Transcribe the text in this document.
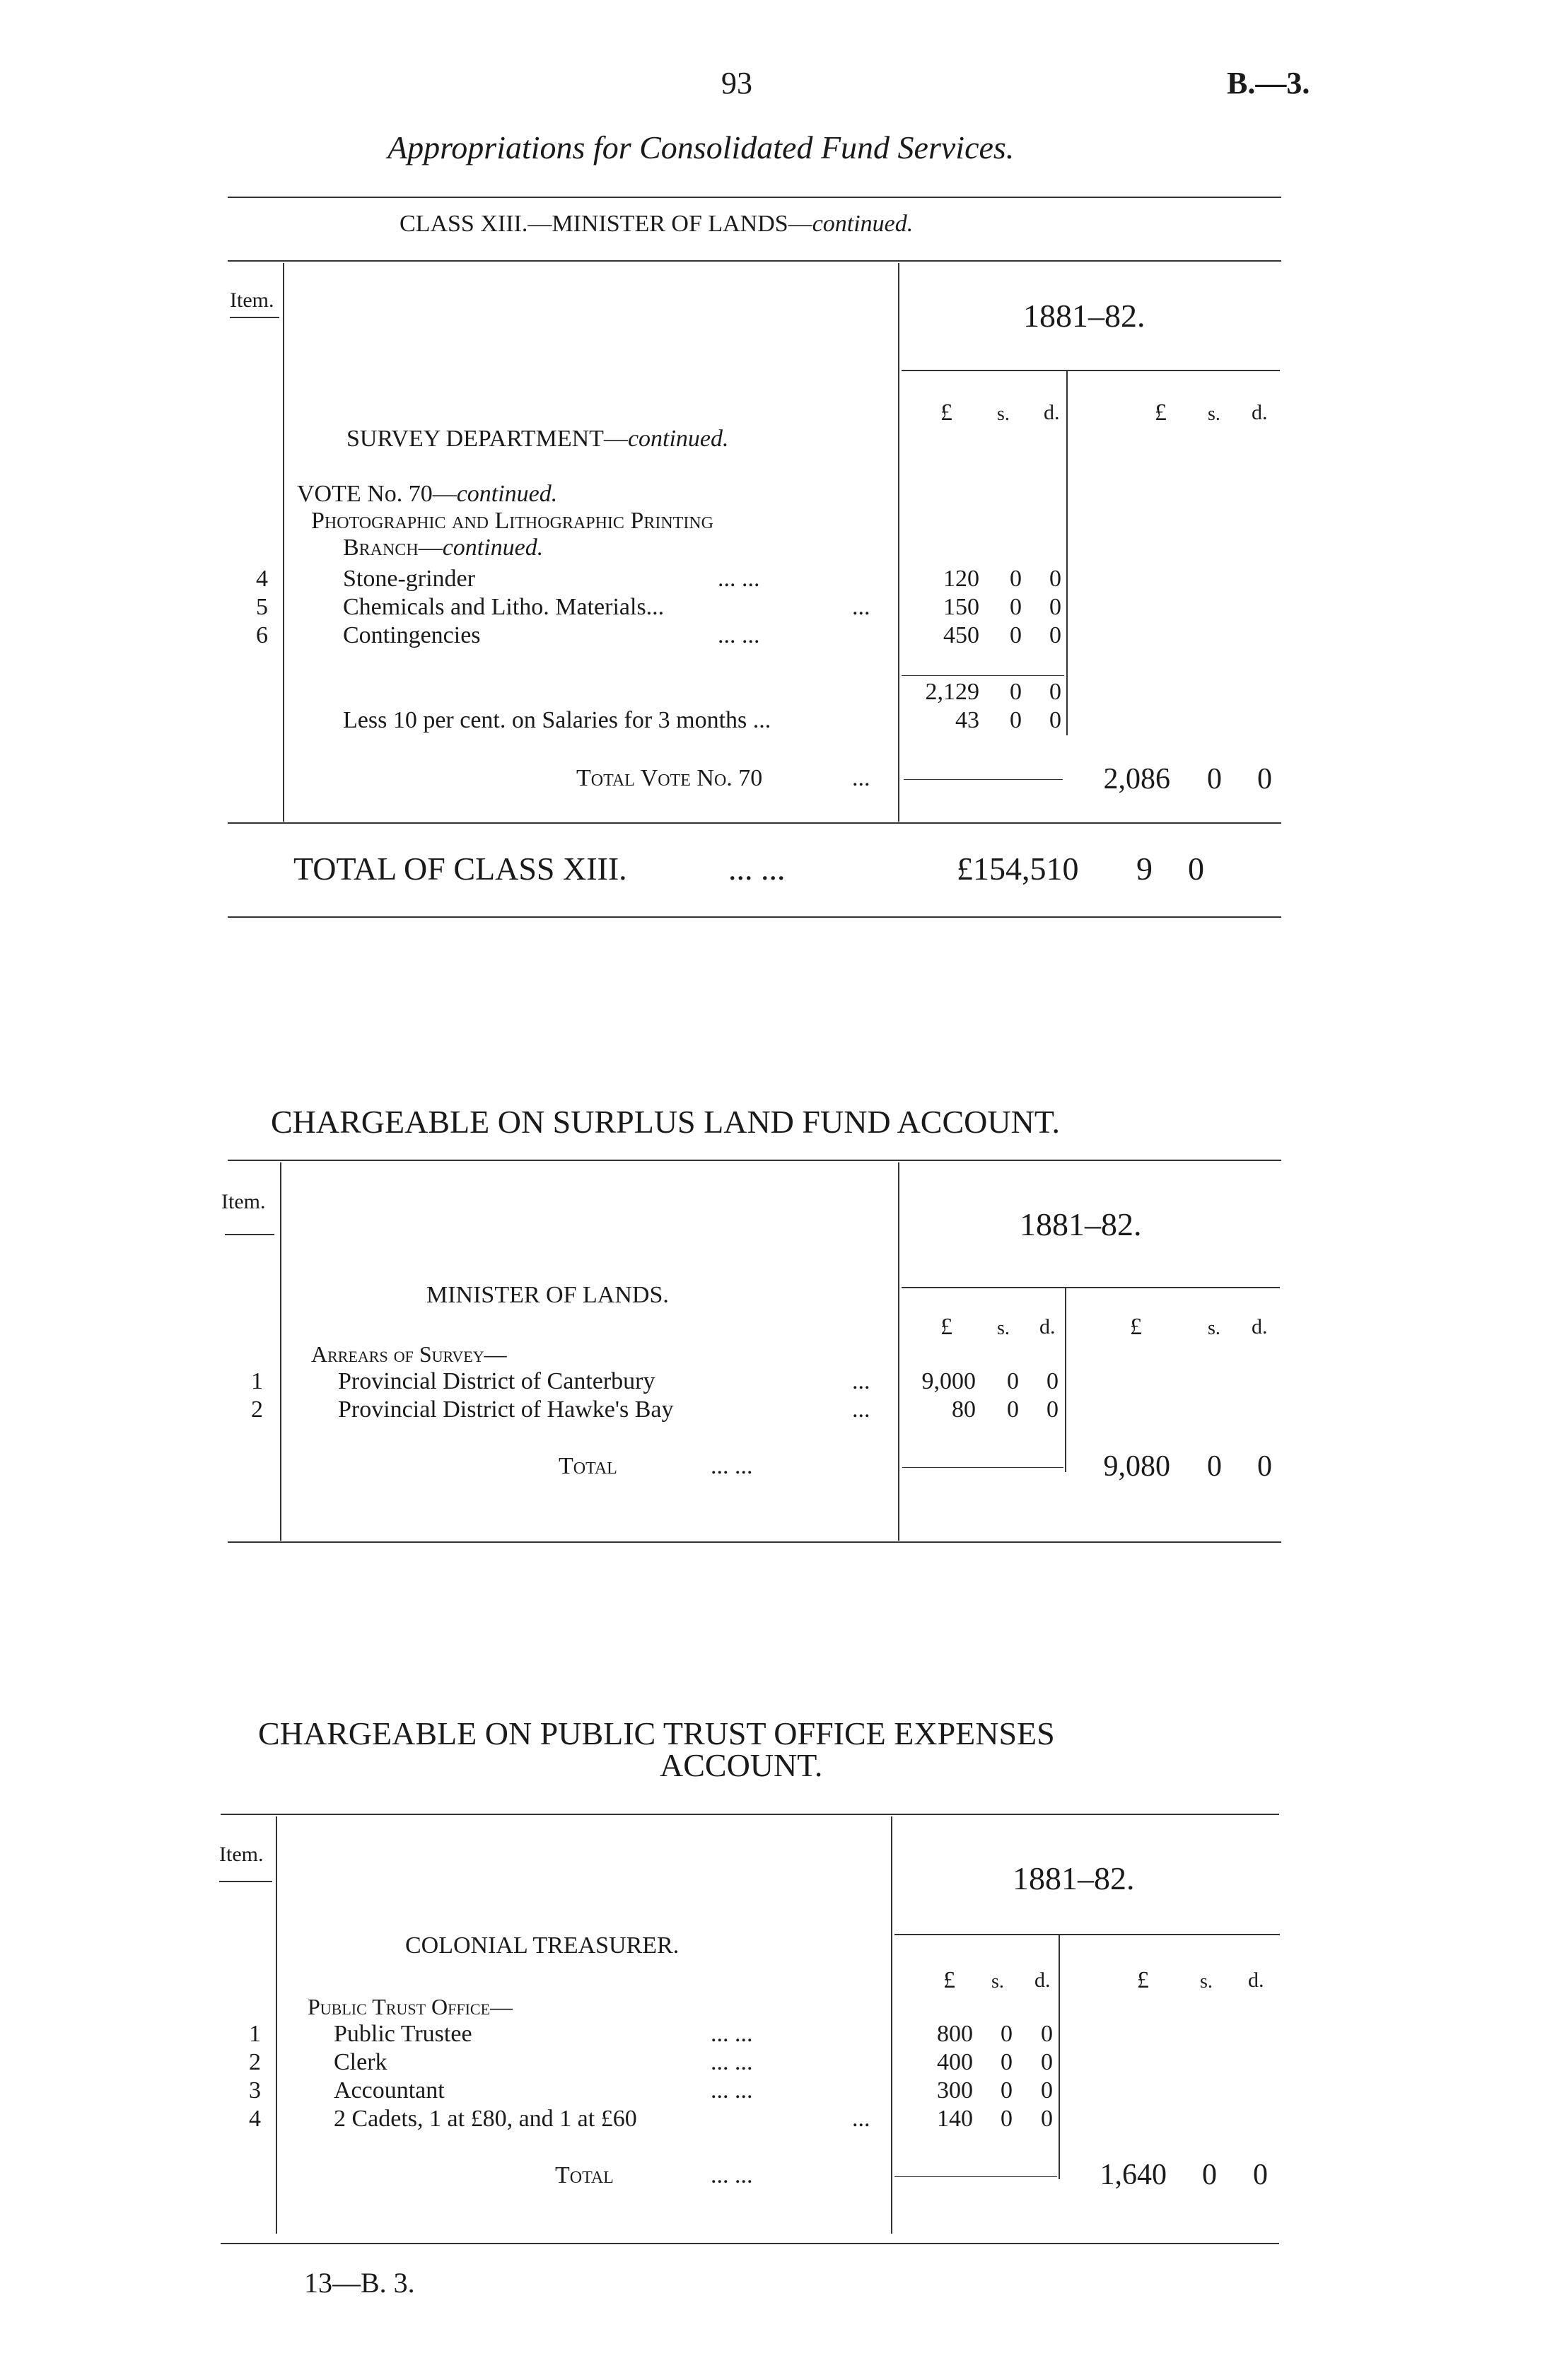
93	B.—3.
Appropriations for Consolidated Fund Services.
CLASS XIII.—MINISTER OF LANDS—continued.
Item.	1881–82.
£ s. d.	£ s. d.
SURVEY DEPARTMENT—continued.
VOTE No. 70—continued.
Photographic and Lithographic Printing
Branch—continued.
4	Stone-grinder	... ...	120 0 0
5	Chemicals and Litho. Materials...	...	150 0 0
6	Contingencies	... ...	450 0 0
2,129 0 0
Less 10 per cent. on Salaries for 3 months ...	43 0 0
Total Vote No. 70	...	2,086 0 0
TOTAL OF CLASS XIII.	... ...	£154,510 9 0
CHARGEABLE ON SURPLUS LAND FUND ACCOUNT.
Item.
1881–82.
MINISTER OF LANDS.
£ s. d.	£	s. d.
Arrears of Survey—
1	Provincial District of Canterbury	...	9,000 0 0
2	Provincial District of Hawke's Bay	...	80 0 0
Total	... ...	9,080 0 0
CHARGEABLE ON PUBLIC TRUST OFFICE EXPENSES
ACCOUNT.
Item.
1881–82.
COLONIAL TREASURER.
£ s. d.	£	s. d.
Public Trust Office—
1	Public Trustee	... ...	800 0 0
2	Clerk	... ...	400 0 0
3	Accountant	... ...	300 0 0
4	2 Cadets, 1 at £80, and 1 at £60	...	140 0 0
Total	... ...	1,640 0 0
13—B. 3.
